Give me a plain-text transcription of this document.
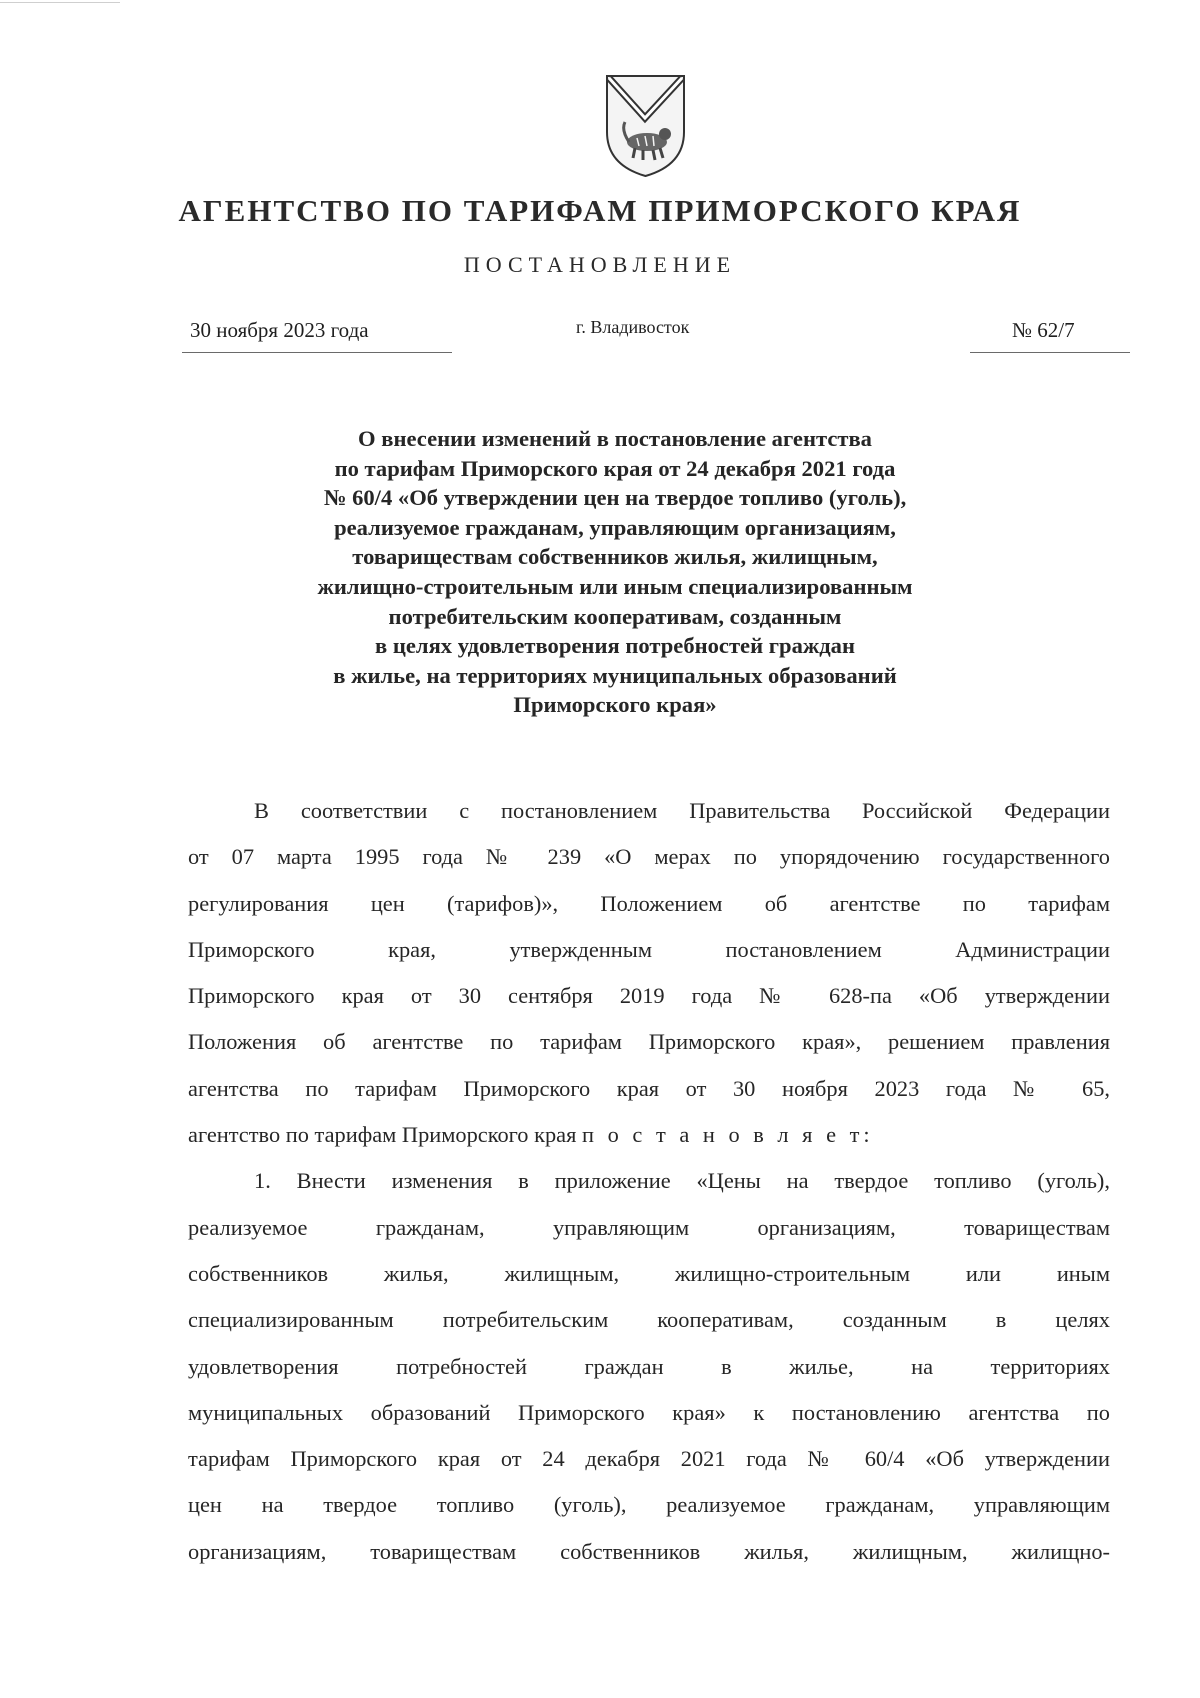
АГЕНТСТВО ПО ТАРИФАМ ПРИМОРСКОГО КРАЯ
ПОСТАНОВЛЕНИЕ
30 ноября 2023 года	г. Владивосток	№ 62/7
О внесении изменений в постановление агентства
по тарифам Приморского края от 24 декабря 2021 года
№ 60/4 «Об утверждении цен на твердое топливо (уголь),
реализуемое гражданам, управляющим организациям,
товариществам собственников жилья, жилищным,
жилищно-строительным или иным специализированным
потребительским кооперативам, созданным
в целях удовлетворения потребностей граждан
в жилье, на территориях муниципальных образований
Приморского края»
В соответствии с постановлением Правительства Российской Федерации
от 07 марта 1995 года № 239 «О мерах по упорядочению государственного
регулирования цен (тарифов)», Положением об агентстве по тарифам
Приморского края, утвержденным постановлением Администрации
Приморского края от 30 сентября 2019 года № 628-па «Об утверждении
Положения об агентстве по тарифам Приморского края», решением правления
агентства по тарифам Приморского края от 30 ноября 2023 года № 65,
агентство по тарифам Приморского края п о с т а н о в л я е т:
1. Внести изменения в приложение «Цены на твердое топливо (уголь),
реализуемое гражданам, управляющим организациям, товариществам
собственников жилья, жилищным, жилищно-строительным или иным
специализированным потребительским кооперативам, созданным в целях
удовлетворения потребностей граждан в жилье, на территориях
муниципальных образований Приморского края» к постановлению агентства по
тарифам Приморского края от 24 декабря 2021 года № 60/4 «Об утверждении
цен на твердое топливо (уголь), реализуемое гражданам, управляющим
организациям, товариществам собственников жилья, жилищным, жилищно-
